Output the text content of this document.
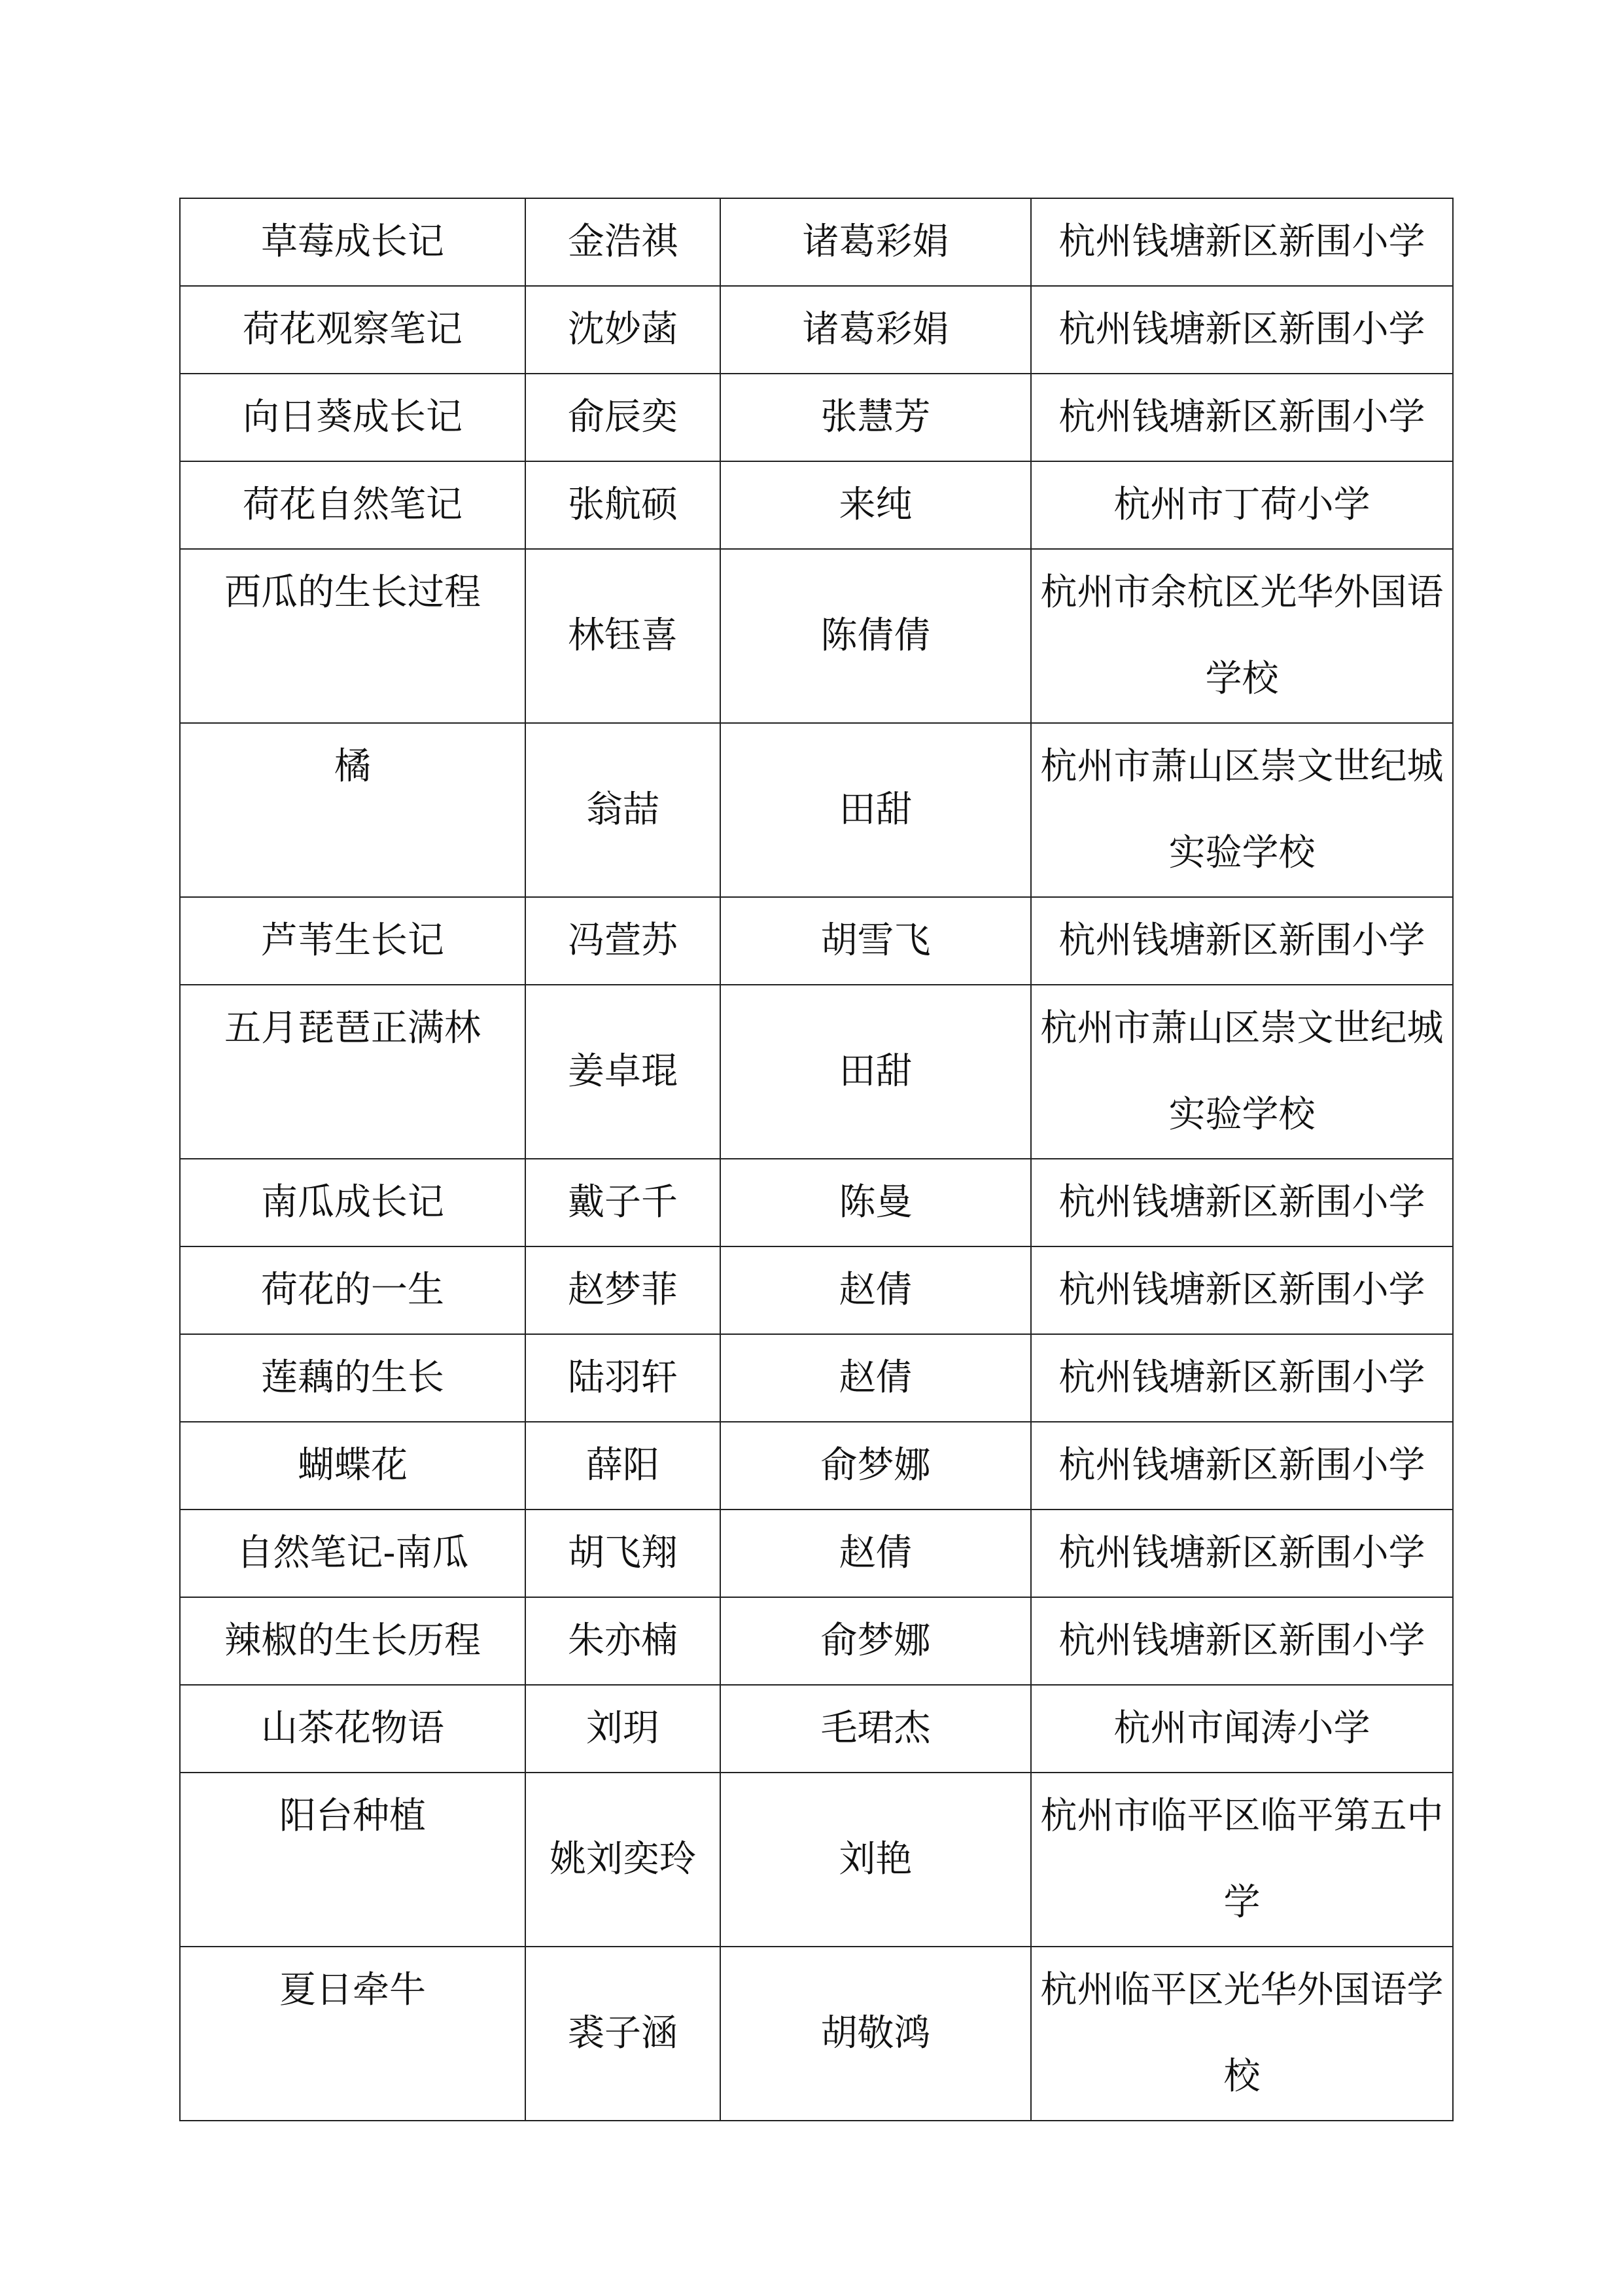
草莓成长记	金浩祺	诸葛彩娟	杭州钱塘新区新围小学
荷花观察笔记	沈妙菡	诸葛彩娟	杭州钱塘新区新围小学
向日葵成长记	俞辰奕	张慧芳	杭州钱塘新区新围小学
荷花自然笔记	张航硕	来纯	杭州市丁荷小学
西瓜的生长过程	林钰喜	陈倩倩	杭州市余杭区光华外国语学校
橘	翁喆	田甜	杭州市萧山区崇文世纪城实验学校
芦苇生长记	冯萱苏	胡雪飞	杭州钱塘新区新围小学
五月琵琶正满林	姜卓琨	田甜	杭州市萧山区崇文世纪城实验学校
南瓜成长记	戴子千	陈曼	杭州钱塘新区新围小学
荷花的一生	赵梦菲	赵倩	杭州钱塘新区新围小学
莲藕的生长	陆羽轩	赵倩	杭州钱塘新区新围小学
蝴蝶花	薛阳	俞梦娜	杭州钱塘新区新围小学
自然笔记-南瓜	胡飞翔	赵倩	杭州钱塘新区新围小学
辣椒的生长历程	朱亦楠	俞梦娜	杭州钱塘新区新围小学
山茶花物语	刘玥	毛珺杰	杭州市闻涛小学
阳台种植	姚刘奕玲	刘艳	杭州市临平区临平第五中学
夏日牵牛	裘子涵	胡敬鸿	杭州临平区光华外国语学校
